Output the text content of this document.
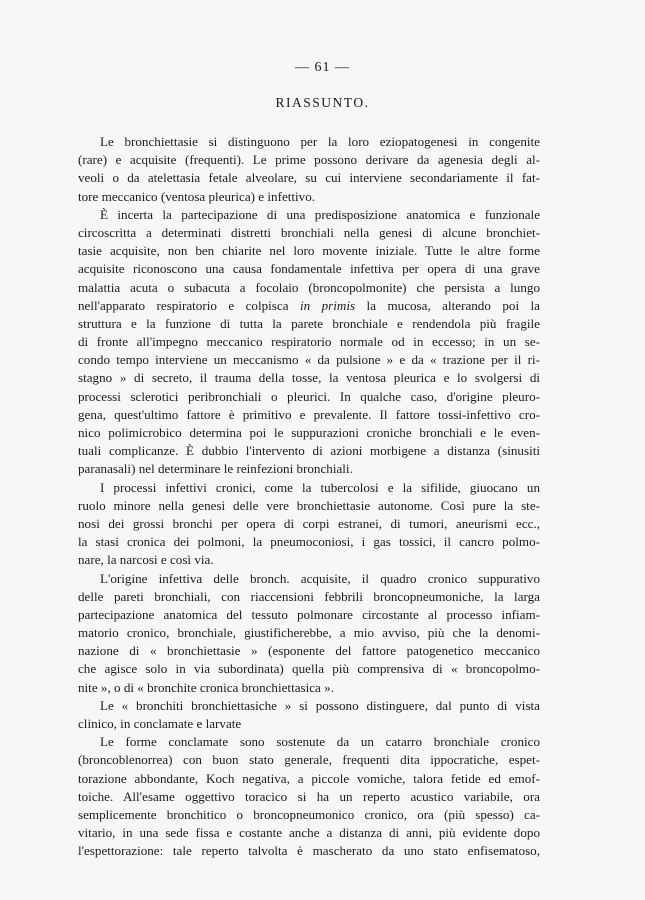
— 61 —
RIASSUNTO.
Le bronchiettasie si distinguono per la loro eziopatogenesi in congenite
(rare) e acquisite (frequenti). Le prime possono derivare da agenesia degli al-
veoli o da atelettasia fetale alveolare, su cui interviene secondariamente il fat-
tore meccanico (ventosa pleurica) e infettivo.
È incerta la partecipazione di una predisposizione anatomica e funzionale
circoscritta a determinati distretti bronchiali nella genesi di alcune bronchiet-
tasie acquisite, non ben chiarite nel loro movente iniziale. Tutte le altre forme
acquisite riconoscono una causa fondamentale infettiva per opera di una grave
malattia acuta o subacuta a focolaio (broncopolmonite) che persista a lungo
nell'apparato respiratorio e colpisca in primis la mucosa, alterando poi la
struttura e la funzione di tutta la parete bronchiale e rendendola più fragile
di fronte all'impegno meccanico respiratorio normale od in eccesso; in un se-
condo tempo interviene un meccanismo « da pulsione » e da « trazione per il ri-
stagno » di secreto, il trauma della tosse, la ventosa pleurica e lo svolgersi di
processi sclerotici peribronchiali o pleurici. In qualche caso, d'origine pleuro-
gena, quest'ultimo fattore è primitivo e prevalente. Il fattore tossi-infettivo cro-
nico polimicrobico determina poi le suppurazioni croniche bronchiali e le even-
tuali complicanze. È dubbio l'intervento di azioni morbigene a distanza (sinusiti
paranasali) nel determinare le reinfezioni bronchiali.
I processi infettivi cronici, come la tubercolosi e la sifilide, giuocano un
ruolo minore nella genesi delle vere bronchiettasie autonome. Così pure la ste-
nosi dei grossi bronchi per opera di corpi estranei, di tumori, aneurismi ecc.,
la stasi cronica dei polmoni, la pneumoconiosi, i gas tossici, il cancro polmo-
nare, la narcosi e così via.
L'origine infettiva delle bronch. acquisite, il quadro cronico suppurativo
delle pareti bronchiali, con riaccensioni febbrili broncopneumoniche, la larga
partecipazione anatomica del tessuto polmonare circostante al processo infiam-
matorio cronico, bronchiale, giustificherebbe, a mio avviso, più che la denomi-
nazione di « bronchiettasie » (esponente del fattore patogenetico meccanico
che agisce solo in via subordinata) quella più comprensiva di « broncopolmo-
nite », o di « bronchite cronica bronchiettasica ».
Le « bronchiti bronchiettasiche » si possono distinguere, dal punto di vista
clinico, in conclamate e larvate
Le forme conclamate sono sostenute da un catarro bronchiale cronico
(broncoblenorrea) con buon stato generale, frequenti dita ippocratiche, espet-
torazione abbondante, Koch negativa, a piccole vomiche, talora fetide ed emof-
toiche. All'esame oggettivo toracico si ha un reperto acustico variabile, ora
semplicemente bronchitico o broncopneumonico cronico, ora (più spesso) ca-
vitario, in una sede fissa e costante anche a distanza di anni, più evidente dopo
l'espettorazione: tale reperto talvolta è mascherato da uno stato enfisematoso,
